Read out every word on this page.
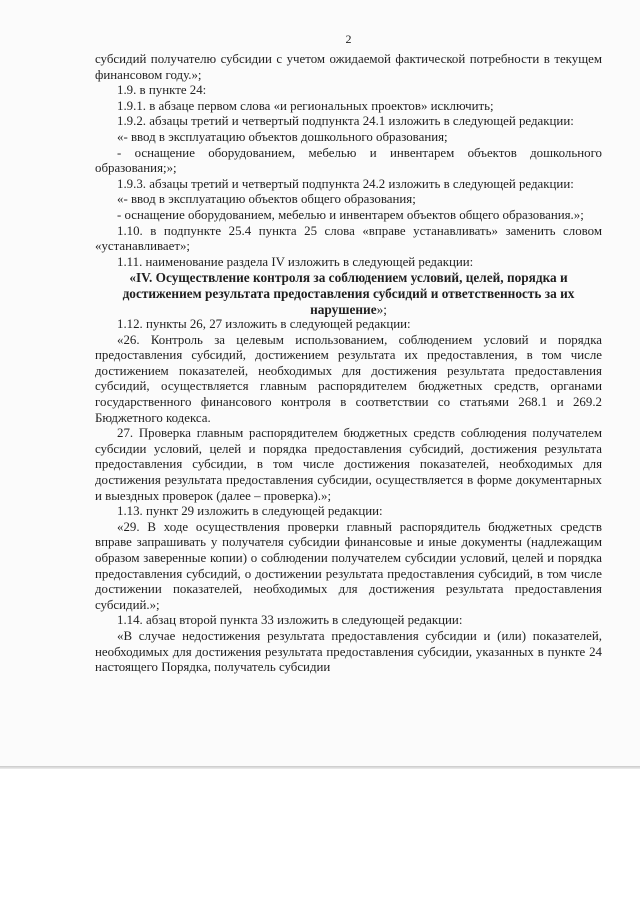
2

субсидий получателю субсидии с учетом ожидаемой фактической потребности в текущем финансовом году.»;

1.9. в пункте 24:

1.9.1. в абзаце первом слова «и региональных проектов» исключить;

1.9.2. абзацы третий и четвертый подпункта 24.1 изложить в следующей редакции:

«- ввод в эксплуатацию объектов дошкольного образования;

- оснащение оборудованием, мебелью и инвентарем объектов дошкольного образования;»;

1.9.3. абзацы третий и четвертый подпункта 24.2 изложить в следующей редакции:

«- ввод в эксплуатацию объектов общего образования;

- оснащение оборудованием, мебелью и инвентарем объектов общего образования.»;

1.10. в подпункте 25.4 пункта 25 слова «вправе устанавливать» заменить словом «устанавливает»;

1.11. наименование раздела IV изложить в следующей редакции:

«IV. Осуществление контроля за соблюдением условий, целей, порядка и достижением результата предоставления субсидий и ответственность за их нарушение»;

1.12. пункты 26, 27 изложить в следующей редакции:

«26. Контроль за целевым использованием, соблюдением условий и порядка предоставления субсидий, достижением результата их предоставления, в том числе достижением показателей, необходимых для достижения результата предоставления субсидий, осуществляется главным распорядителем бюджетных средств, органами государственного финансового контроля в соответствии со статьями 268.1 и 269.2 Бюджетного кодекса.

27. Проверка главным распорядителем бюджетных средств соблюдения получателем субсидии условий, целей и порядка предоставления субсидий, достижения результата предоставления субсидии, в том числе достижения показателей, необходимых для достижения результата предоставления субсидии, осуществляется в форме документарных и выездных проверок (далее – проверка).»;

1.13. пункт 29 изложить в следующей редакции:

«29. В ходе осуществления проверки главный распорядитель бюджетных средств вправе запрашивать у получателя субсидии финансовые и иные документы (надлежащим образом заверенные копии) о соблюдении получателем субсидии условий, целей и порядка предоставления субсидий, о достижении результата предоставления субсидий, в том числе достижении показателей, необходимых для достижения результата предоставления субсидий.»;

1.14. абзац второй пункта 33 изложить в следующей редакции:

«В случае недостижения результата предоставления субсидии и (или) показателей, необходимых для достижения результата предоставления субсидии, указанных в пункте 24 настоящего Порядка, получатель субсидии
